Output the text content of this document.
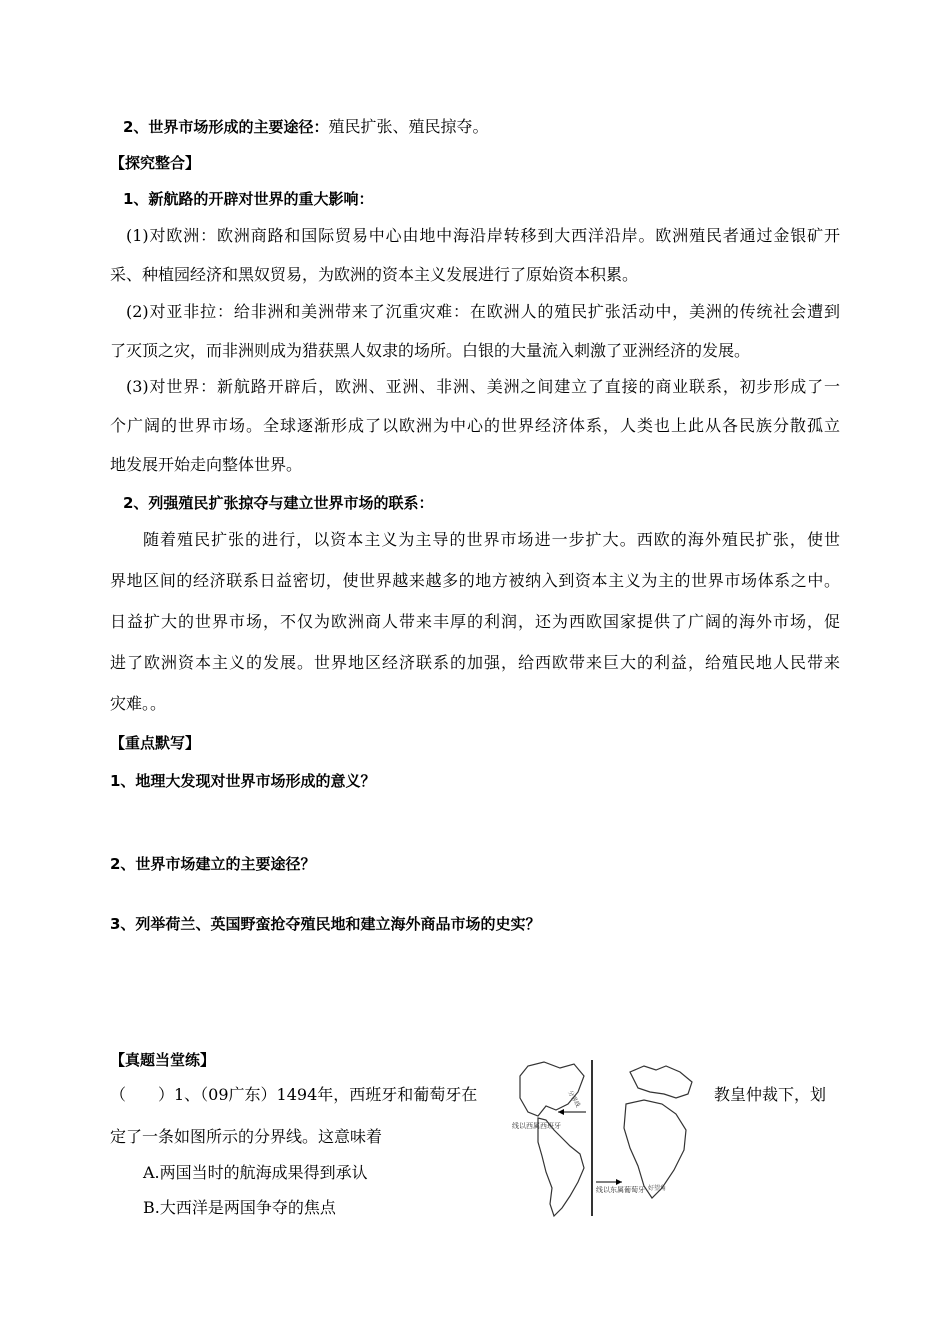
2、世界市场形成的主要途径：殖民扩张、殖民掠夺。
【探究整合】
1、新航路的开辟对世界的重大影响：
(1)对欧洲：欧洲商路和国际贸易中心由地中海沿岸转移到大西洋沿岸。欧洲殖民者通过金银矿开
采、种植园经济和黑奴贸易，为欧洲的资本主义发展进行了原始资本积累。
(2)对亚非拉：给非洲和美洲带来了沉重灾难：在欧洲人的殖民扩张活动中，美洲的传统社会遭到
了灭顶之灾，而非洲则成为猎获黑人奴隶的场所。白银的大量流入刺激了亚洲经济的发展。
(3)对世界：新航路开辟后，欧洲、亚洲、非洲、美洲之间建立了直接的商业联系，初步形成了一
个广阔的世界市场。全球逐渐形成了以欧洲为中心的世界经济体系，人类也上此从各民族分散孤立
地发展开始走向整体世界。
2、列强殖民扩张掠夺与建立世界市场的联系：
随着殖民扩张的进行，以资本主义为主导的世界市场进一步扩大。西欧的海外殖民扩张，使世
界地区间的经济联系日益密切，使世界越来越多的地方被纳入到资本主义为主的世界市场体系之中。
日益扩大的世界市场，不仅为欧洲商人带来丰厚的利润，还为西欧国家提供了广阔的海外市场，促
进了欧洲资本主义的发展。世界地区经济联系的加强，给西欧带来巨大的利益，给殖民地人民带来
灾难。。
【重点默写】
1、地理大发现对世界市场形成的意义？
2、世界市场建立的主要途径？
3、列举荷兰、英国野蛮抢夺殖民地和建立海外商品市场的史实？
【真题当堂练】
（　　）1、（09广东）1494年，西班牙和葡萄牙在	教皇仲裁下，划
定了一条如图所示的分界线。这意味着
A.两国当时的航海成果得到承认
B.大西洋是两国争夺的焦点
线以西属西班牙
线以东属葡萄牙
分界线
好望角
